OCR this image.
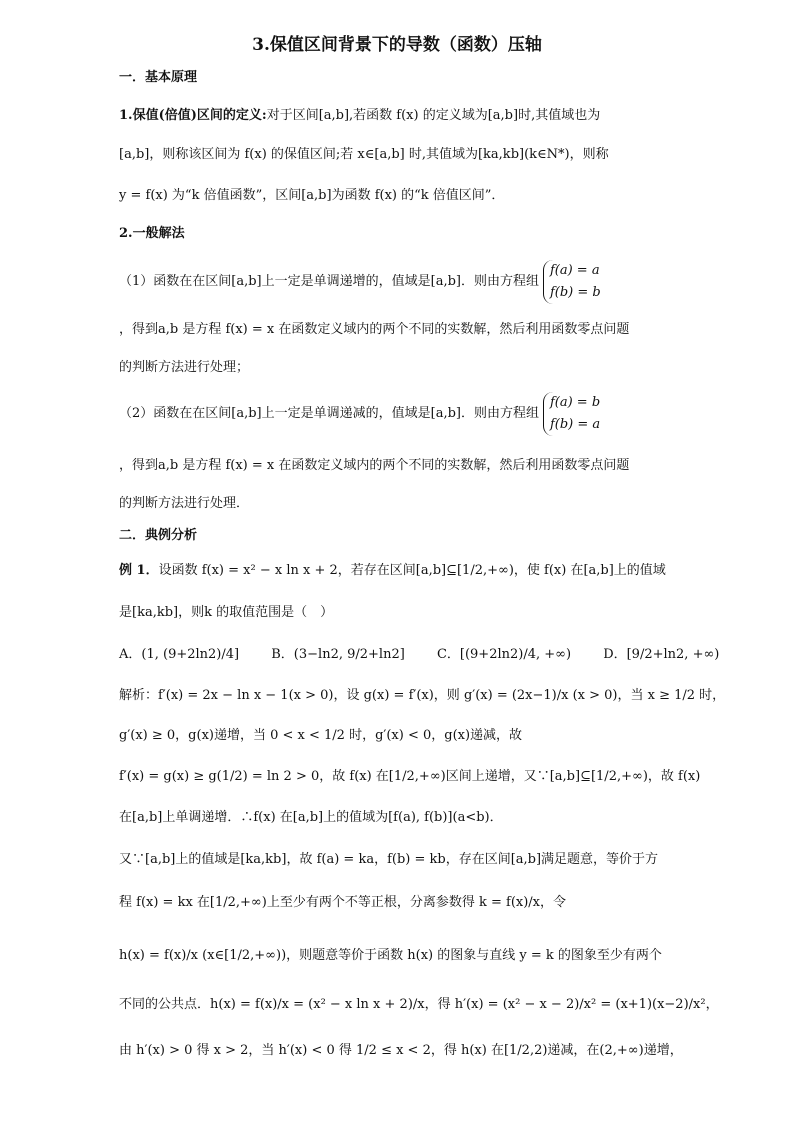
3.保值区间背景下的导数（函数）压轴
一．基本原理
1.保值(倍值)区间的定义:对于区间[a,b],若函数 f(x) 的定义域为[a,b]时,其值域也为
[a,b]，则称该区间为 f(x) 的保值区间;若 x∈[a,b] 时,其值域为[ka,kb](k∈N*)，则称
y = f(x) 为“k 倍值函数”，区间[a,b]为函数 f(x) 的“k 倍值区间”．
2.一般解法
（1）函数在在区间[a,b]上一定是单调递增的，值域是[a,b]．则由方程组
f(a) = a
f(b) = b
，得到a,b 是方程 f(x) = x 在函数定义域内的两个不同的实数解，然后利用函数零点问题
的判断方法进行处理；
（2）函数在在区间[a,b]上一定是单调递减的，值域是[a,b]．则由方程组
f(a) = b
f(b) = a
，得到a,b 是方程 f(x) = x 在函数定义域内的两个不同的实数解，然后利用函数零点问题
的判断方法进行处理．
二．典例分析
例 1．设函数 f(x) = x² − x ln x + 2，若存在区间[a,b]⊆[1/2,+∞)，使 f(x) 在[a,b]上的值域
是[ka,kb]，则k 的取值范围是（　）
A．(1, (9+2ln2)/4] B．(3−ln2, 9/2+ln2] C．[(9+2ln2)/4, +∞) D．[9/2+ln2, +∞)
解析：f′(x) = 2x − ln x − 1(x > 0)，设 g(x) = f′(x)，则 g′(x) = (2x−1)/x (x > 0)，当 x ≥ 1/2 时，
g′(x) ≥ 0，g(x)递增，当 0 < x < 1/2 时，g′(x) < 0，g(x)递减，故
f′(x) = g(x) ≥ g(1/2) = ln 2 > 0，故 f(x) 在[1/2,+∞)区间上递增，又∵[a,b]⊆[1/2,+∞)，故 f(x)
在[a,b]上单调递增．∴f(x) 在[a,b]上的值域为[f(a), f(b)](a<b)．
又∵[a,b]上的值域是[ka,kb]，故 f(a) = ka，f(b) = kb，存在区间[a,b]满足题意，等价于方
程 f(x) = kx 在[1/2,+∞)上至少有两个不等正根，分离参数得 k = f(x)/x，令
h(x) = f(x)/x (x∈[1/2,+∞))，则题意等价于函数 h(x) 的图象与直线 y = k 的图象至少有两个
不同的公共点．h(x) = f(x)/x = (x² − x ln x + 2)/x，得 h′(x) = (x² − x − 2)/x² = (x+1)(x−2)/x²，
由 h′(x) > 0 得 x > 2，当 h′(x) < 0 得 1/2 ≤ x < 2，得 h(x) 在[1/2,2)递减，在(2,+∞)递增，
